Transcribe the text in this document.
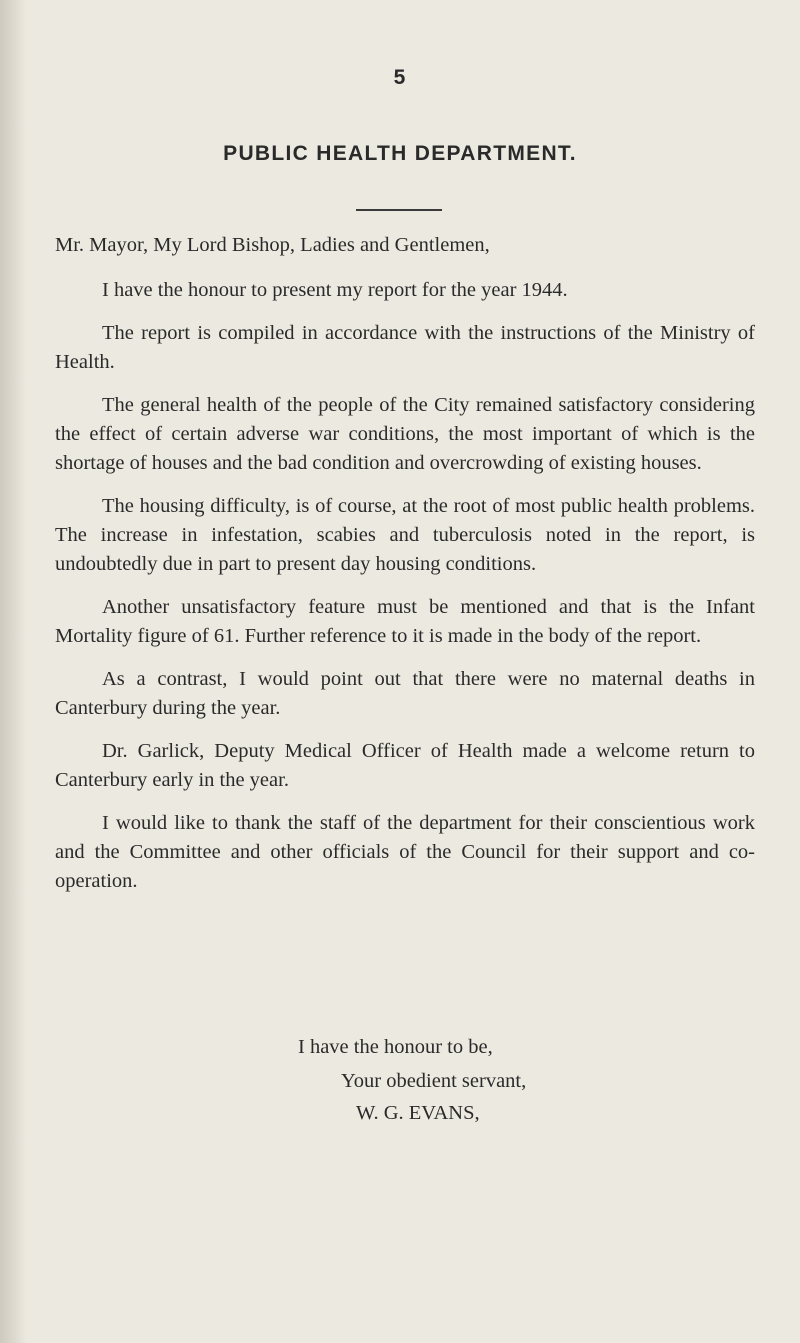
5
PUBLIC HEALTH DEPARTMENT.

Mr. Mayor, My Lord Bishop, Ladies and Gentlemen,

I have the honour to present my report for the year 1944.

The report is compiled in accordance with the instructions of the Ministry of Health.

The general health of the people of the City remained satisfactory considering the effect of certain adverse war conditions, the most important of which is the shortage of houses and the bad condition and overcrowding of existing houses.

The housing difficulty, is of course, at the root of most public health problems. The increase in infestation, scabies and tuberculosis noted in the report, is undoubtedly due in part to present day housing conditions.

Another unsatisfactory feature must be mentioned and that is the Infant Mortality figure of 61. Further reference to it is made in the body of the report.

As a contrast, I would point out that there were no maternal deaths in Canterbury during the year.

Dr. Garlick, Deputy Medical Officer of Health made a welcome return to Canterbury early in the year.

I would like to thank the staff of the department for their conscientious work and the Committee and other officials of the Council for their support and co-operation.

I have the honour to be,
Your obedient servant,
W. G. EVANS,
